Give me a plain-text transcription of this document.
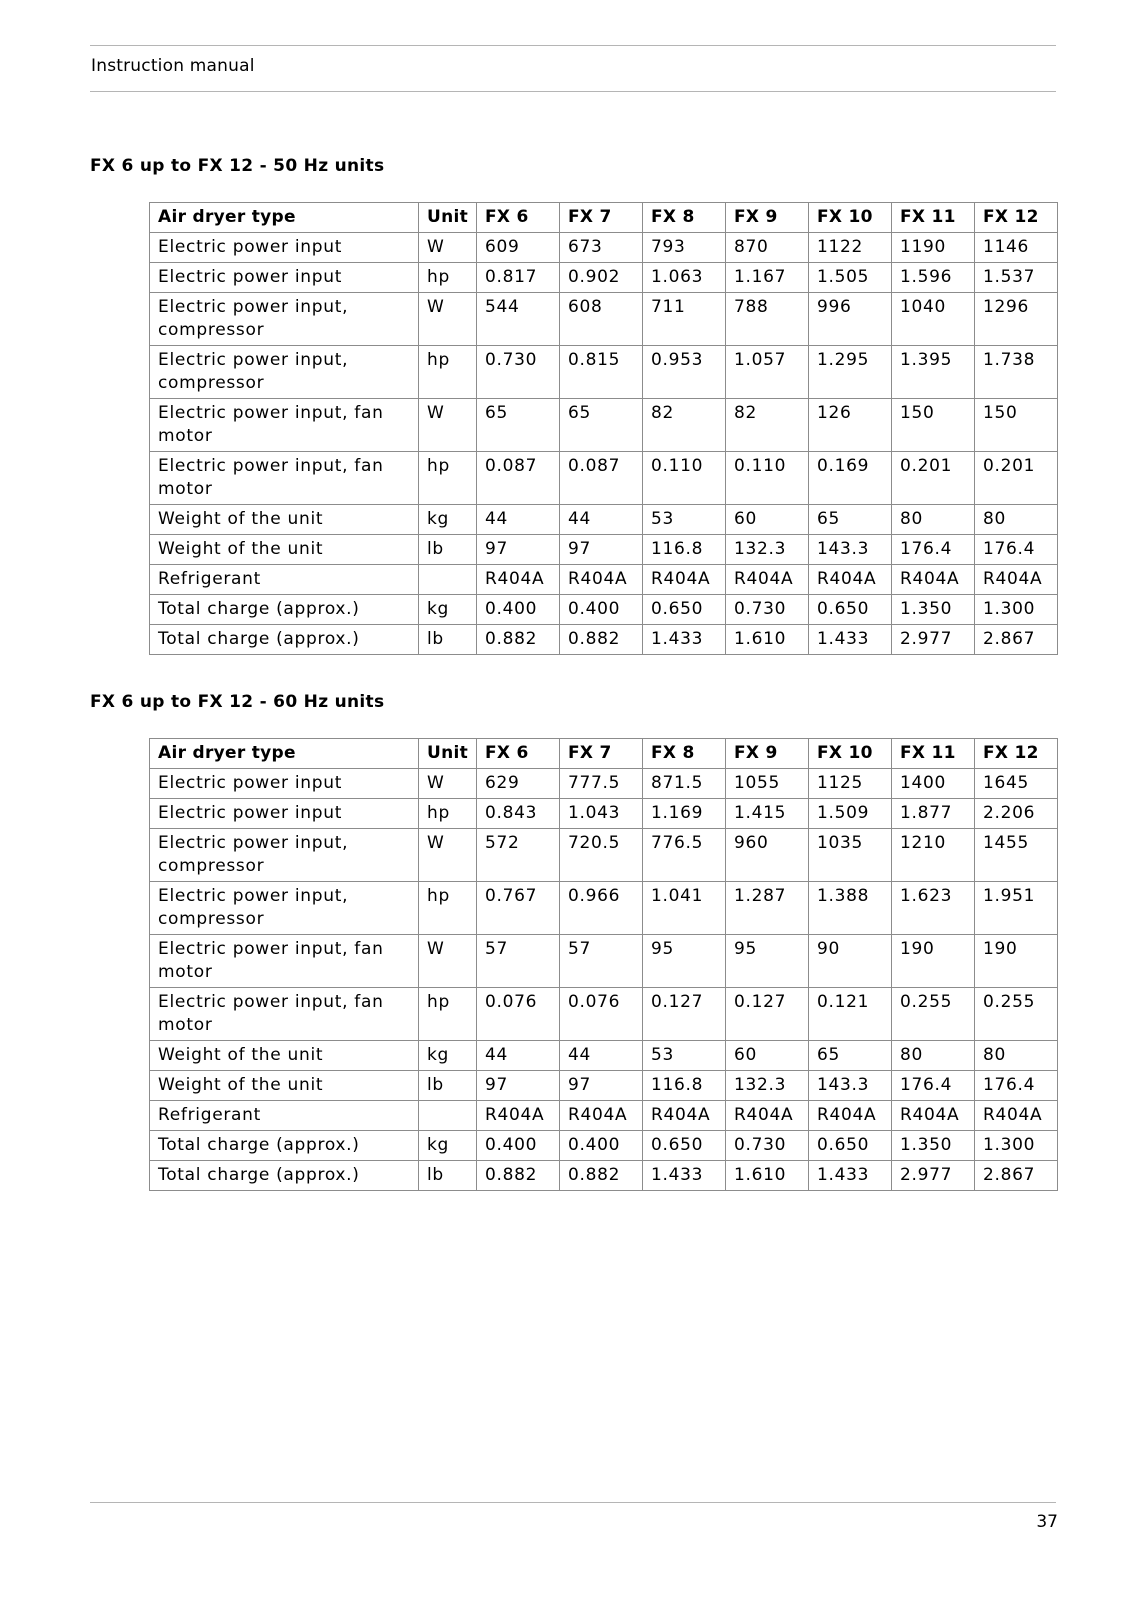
Instruction manual
FX 6 up to FX 12 - 50 Hz units
Air dryer type	Unit	FX 6	FX 7	FX 8	FX 9	FX 10	FX 11	FX 12
Electric power input	W	609	673	793	870	1122	1190	1146
Electric power input	hp	0.817	0.902	1.063	1.167	1.505	1.596	1.537
Electric power input, compressor	W	544	608	711	788	996	1040	1296
Electric power input, compressor	hp	0.730	0.815	0.953	1.057	1.295	1.395	1.738
Electric power input, fan motor	W	65	65	82	82	126	150	150
Electric power input, fan motor	hp	0.087	0.087	0.110	0.110	0.169	0.201	0.201
Weight of the unit	kg	44	44	53	60	65	80	80
Weight of the unit	lb	97	97	116.8	132.3	143.3	176.4	176.4
Refrigerant		R404A	R404A	R404A	R404A	R404A	R404A	R404A
Total charge (approx.)	kg	0.400	0.400	0.650	0.730	0.650	1.350	1.300
Total charge (approx.)	lb	0.882	0.882	1.433	1.610	1.433	2.977	2.867
FX 6 up to FX 12 - 60 Hz units
Air dryer type	Unit	FX 6	FX 7	FX 8	FX 9	FX 10	FX 11	FX 12
Electric power input	W	629	777.5	871.5	1055	1125	1400	1645
Electric power input	hp	0.843	1.043	1.169	1.415	1.509	1.877	2.206
Electric power input, compressor	W	572	720.5	776.5	960	1035	1210	1455
Electric power input, compressor	hp	0.767	0.966	1.041	1.287	1.388	1.623	1.951
Electric power input, fan motor	W	57	57	95	95	90	190	190
Electric power input, fan motor	hp	0.076	0.076	0.127	0.127	0.121	0.255	0.255
Weight of the unit	kg	44	44	53	60	65	80	80
Weight of the unit	lb	97	97	116.8	132.3	143.3	176.4	176.4
Refrigerant		R404A	R404A	R404A	R404A	R404A	R404A	R404A
Total charge (approx.)	kg	0.400	0.400	0.650	0.730	0.650	1.350	1.300
Total charge (approx.)	lb	0.882	0.882	1.433	1.610	1.433	2.977	2.867
37
